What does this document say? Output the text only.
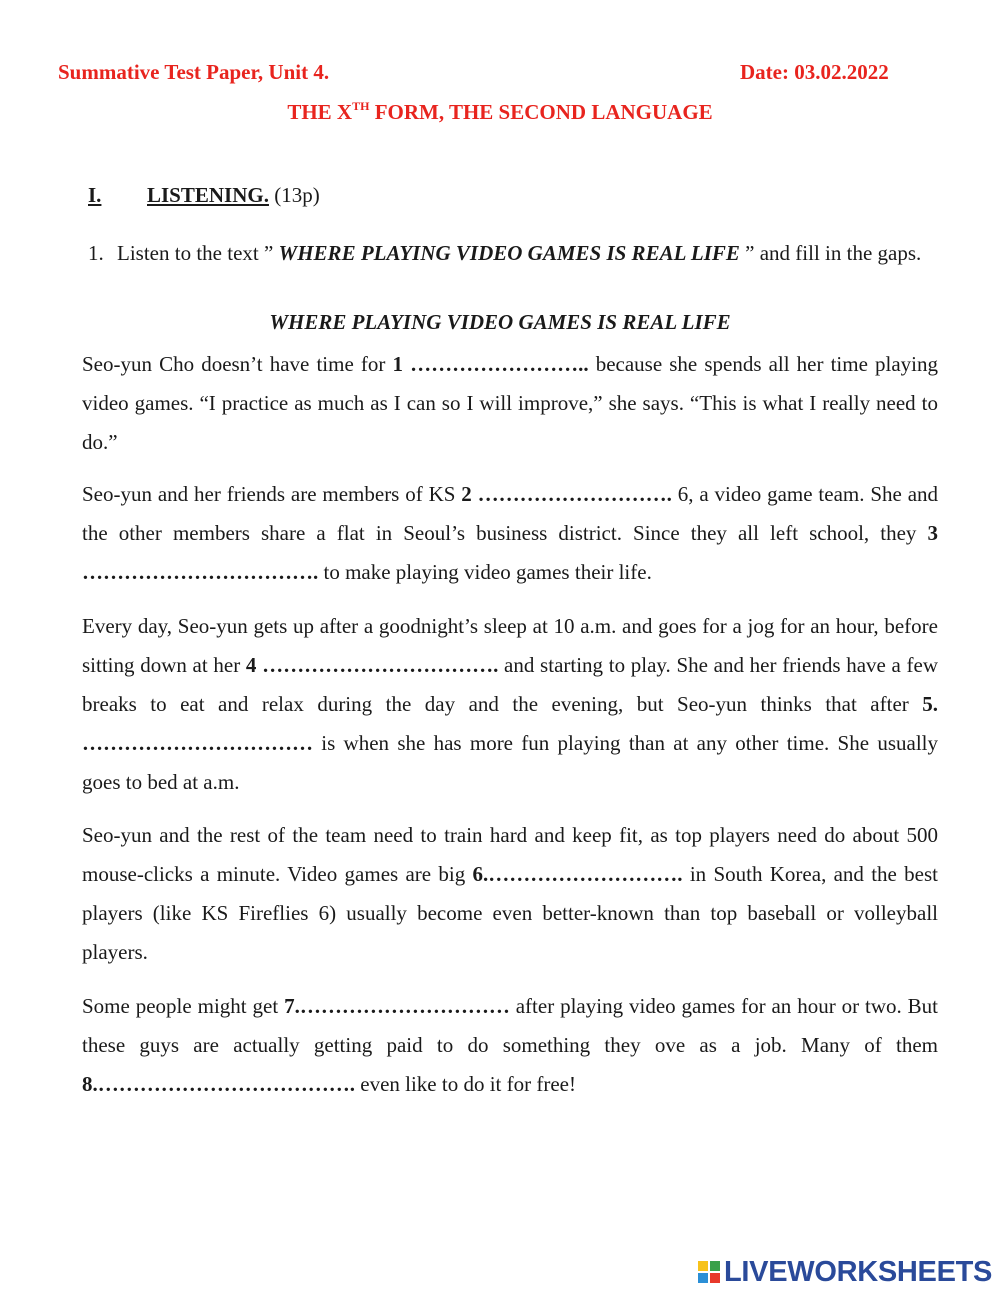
Summative Test Paper, Unit 4.	Date: 03.02.2022
THE XTH FORM, THE SECOND LANGUAGE
I. LISTENING. (13p)
1. Listen to the text ” WHERE PLAYING VIDEO GAMES IS REAL LIFE ” and fill in the gaps.
WHERE PLAYING VIDEO GAMES IS REAL LIFE

Seo-yun Cho doesn’t have time for 1 …………………….. because she spends all her time playing video games. “I practice as much as I can so I will improve,” she says. “This is what I really need to do.”

Seo-yun and her friends are members of KS 2 ………………………. 6, a video game team. She and the other members share a flat in Seoul’s business district. Since they all left school, they 3 ……………………………. to make playing video games their life.

Every day, Seo-yun gets up after a goodnight’s sleep at 10 a.m. and goes for a jog for an hour, before sitting down at her 4 ……………………………. and starting to play. She and her friends have a few breaks to eat and relax during the day and the evening, but Seo-yun thinks that after 5. …………………………… is when she has more fun playing than at any other time. She usually goes to bed at a.m.

Seo-yun and the rest of the team need to train hard and keep fit, as top players need do about 500 mouse-clicks a minute. Video games are big 6.………………………. in South Korea, and the best players (like KS Fireflies 6) usually become even better-known than top baseball or volleyball players.

Some people might get 7.………………………… after playing video games for an hour or two. But these guys are actually getting paid to do something they ove as a job. Many of them 8.………………………………. even like to do it for free!

LIVEWORKSHEETS
